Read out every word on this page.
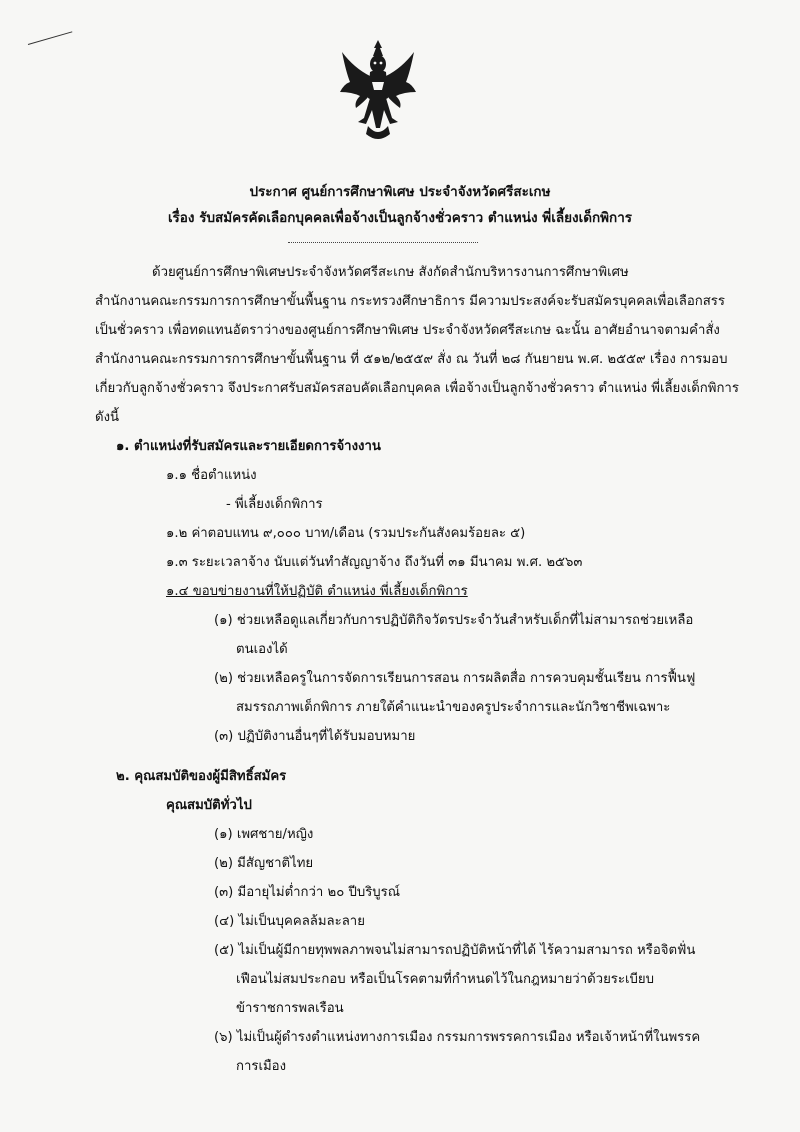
ประกาศ ศูนย์การศึกษาพิเศษ ประจำจังหวัดศรีสะเกษ
เรื่อง รับสมัครคัดเลือกบุคคลเพื่อจ้างเป็นลูกจ้างชั่วคราว ตำแหน่ง พี่เลี้ยงเด็กพิการ
ด้วยศูนย์การศึกษาพิเศษประจำจังหวัดศรีสะเกษ สังกัดสำนักบริหารงานการศึกษาพิเศษ
สำนักงานคณะกรรมการการศึกษาขั้นพื้นฐาน กระทรวงศึกษาธิการ มีความประสงค์จะรับสมัครบุคคลเพื่อเลือกสรร
เป็นชั่วคราว เพื่อทดแทนอัตราว่างของศูนย์การศึกษาพิเศษ ประจำจังหวัดศรีสะเกษ ฉะนั้น อาศัยอำนาจตามคำสั่ง
สำนักงานคณะกรรมการการศึกษาขั้นพื้นฐาน ที่ ๕๑๒/๒๕๕๙ สั่ง ณ วันที่ ๒๘ กันยายน พ.ศ. ๒๕๕๙ เรื่อง การมอบ
เกี่ยวกับลูกจ้างชั่วคราว จึงประกาศรับสมัครสอบคัดเลือกบุคคล เพื่อจ้างเป็นลูกจ้างชั่วคราว ตำแหน่ง พี่เลี้ยงเด็กพิการ
ดังนี้
๑. ตำแหน่งที่รับสมัครและรายเอียดการจ้างงาน
๑.๑ ชื่อตำแหน่ง
- พี่เลี้ยงเด็กพิการ
๑.๒ ค่าตอบแทน ๙,๐๐๐ บาท/เดือน (รวมประกันสังคมร้อยละ ๕)
๑.๓ ระยะเวลาจ้าง นับแต่วันทำสัญญาจ้าง ถึงวันที่ ๓๑ มีนาคม พ.ศ. ๒๕๖๓
๑.๔ ขอบข่ายงานที่ให้ปฏิบัติ ตำแหน่ง พี่เลี้ยงเด็กพิการ
(๑) ช่วยเหลือดูแลเกี่ยวกับการปฏิบัติกิจวัตรประจำวันสำหรับเด็กที่ไม่สามารถช่วยเหลือ
ตนเองได้
(๒) ช่วยเหลือครูในการจัดการเรียนการสอน การผลิตสื่อ การควบคุมชั้นเรียน การฟื้นฟู
สมรรถภาพเด็กพิการ ภายใต้คำแนะนำของครูประจำการและนักวิชาชีพเฉพาะ
(๓) ปฏิบัติงานอื่นๆที่ได้รับมอบหมาย
๒. คุณสมบัติของผู้มีสิทธิ์สมัคร
คุณสมบัติทั่วไป
(๑) เพศชาย/หญิง
(๒) มีสัญชาติไทย
(๓) มีอายุไม่ต่ำกว่า ๒๐ ปีบริบูรณ์
(๔) ไม่เป็นบุคคลล้มละลาย
(๕) ไม่เป็นผู้มีกายทุพพลภาพจนไม่สามารถปฏิบัติหน้าที่ได้ ไร้ความสามารถ หรือจิตฟั่น
เฟือนไม่สมประกอบ หรือเป็นโรคตามที่กำหนดไว้ในกฎหมายว่าด้วยระเบียบ
ข้าราชการพลเรือน
(๖) ไม่เป็นผู้ดำรงตำแหน่งทางการเมือง กรรมการพรรคการเมือง หรือเจ้าหน้าที่ในพรรค
การเมือง
